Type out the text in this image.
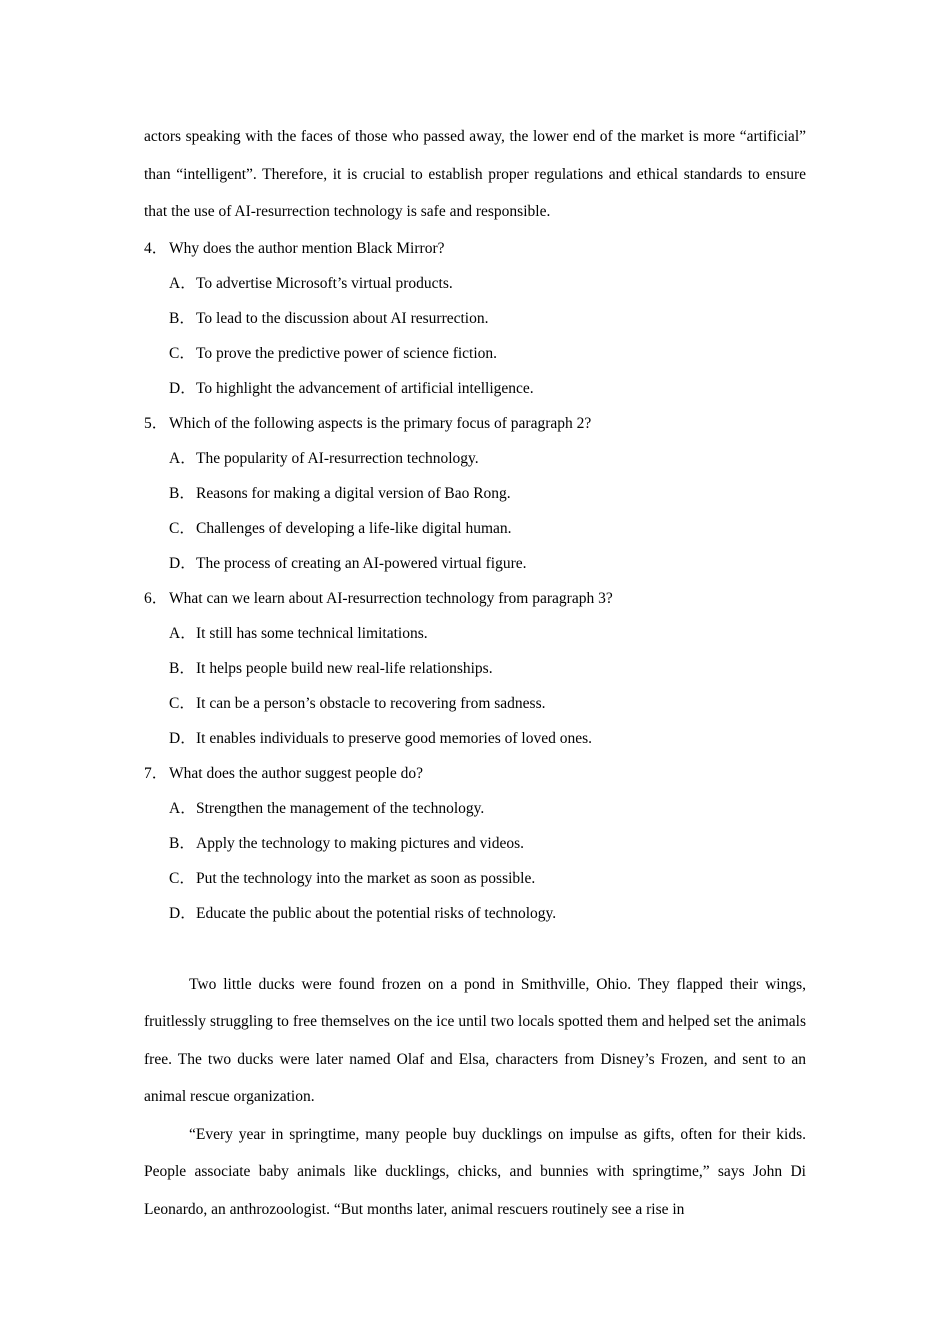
actors speaking with the faces of those who passed away, the lower end of the market is more “artificial” than “intelligent”. Therefore, it is crucial to establish proper regulations and ethical standards to ensure that the use of AI-resurrection technology is safe and responsible.

4． Why does the author mention Black Mirror?

A．To advertise Microsoft’s virtual products.

B．To lead to the discussion about AI resurrection.

C．To prove the predictive power of science fiction.

D．To highlight the advancement of artificial intelligence.

5． Which of the following aspects is the primary focus of paragraph 2?

A．The popularity of AI-resurrection technology.

B．Reasons for making a digital version of Bao Rong.

C．Challenges of developing a life-like digital human.

D．The process of creating an AI-powered virtual figure.

6． What can we learn about AI-resurrection technology from paragraph 3?

A．It still has some technical limitations.

B．It helps people build new real-life relationships.

C．It can be a person’s obstacle to recovering from sadness.

D．It enables individuals to preserve good memories of loved ones.

7． What does the author suggest people do?

A．Strengthen the management of the technology.

B．Apply the technology to making pictures and videos.

C．Put the technology into the market as soon as possible.

D．Educate the public about the potential risks of technology.

Two little ducks were found frozen on a pond in Smithville, Ohio. They flapped their wings, fruitlessly struggling to free themselves on the ice until two locals spotted them and helped set the animals free. The two ducks were later named Olaf and Elsa, characters from Disney’s Frozen, and sent to an animal rescue organization.

“Every year in springtime, many people buy ducklings on impulse as gifts, often for their kids. People associate baby animals like ducklings, chicks, and bunnies with springtime,” says John Di Leonardo, an anthrozoologist. “But months later, animal rescuers routinely see a rise in
